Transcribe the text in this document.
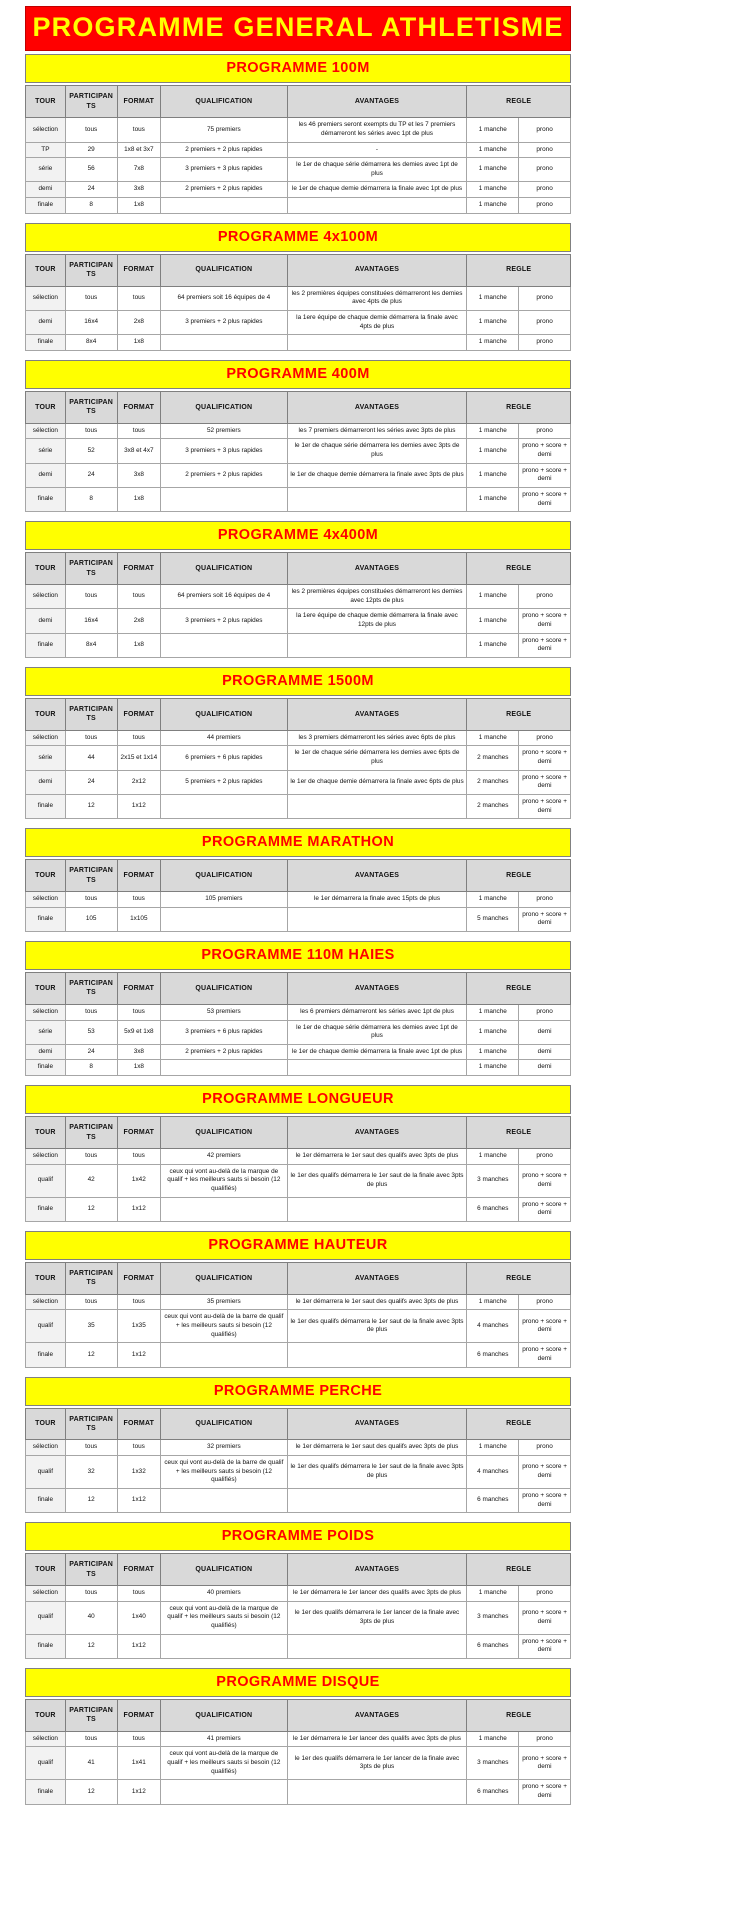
PROGRAMME GENERAL ATHLETISME
PROGRAMME 100M
TOUR	PARTICIPANTS	FORMAT	QUALIFICATION	AVANTAGES	REGLE	
sélection	tous	tous	75 premiers	les 46 premiers seront exempts du TP et les 7 premiers démarreront les séries avec 1pt de plus	1 manche	prono
TP	29	1x8 et 3x7	2 premiers + 2 plus rapides	-	1 manche	prono
série	56	7x8	3 premiers + 3 plus rapides	le 1er de chaque série démarrera les demies avec 1pt de plus	1 manche	prono
demi	24	3x8	2 premiers + 2 plus rapides	le 1er de chaque demie démarrera la finale avec 1pt de plus	1 manche	prono
finale	8	1x8			1 manche	prono
PROGRAMME 4x100M
TOUR	PARTICIPANTS	FORMAT	QUALIFICATION	AVANTAGES	REGLE	
sélection	tous	tous	64 premiers soit 16 équipes de 4	les 2 premières équipes constituées démarreront les demies avec 4pts de plus	1 manche	prono
demi	16x4	2x8	3 premiers + 2 plus rapides	la 1ere équipe de chaque demie démarrera la finale avec 4pts de plus	1 manche	prono
finale	8x4	1x8			1 manche	prono
PROGRAMME 400M
TOUR	PARTICIPANTS	FORMAT	QUALIFICATION	AVANTAGES	REGLE	
sélection	tous	tous	52 premiers	les 7 premiers démarreront les séries avec 3pts de plus	1 manche	prono
série	52	3x8 et 4x7	3 premiers + 3 plus rapides	le 1er de chaque série démarrera les demies avec 3pts de plus	1 manche	prono + score + demi
demi	24	3x8	2 premiers + 2 plus rapides	le 1er de chaque demie démarrera la finale avec 3pts de plus	1 manche	prono + score + demi
finale	8	1x8			1 manche	prono + score + demi
PROGRAMME 4x400M
TOUR	PARTICIPANTS	FORMAT	QUALIFICATION	AVANTAGES	REGLE	
sélection	tous	tous	64 premiers soit 16 équipes de 4	les 2 premières équipes constituées démarreront les demies avec 12pts de plus	1 manche	prono
demi	16x4	2x8	3 premiers + 2 plus rapides	la 1ere équipe de chaque demie démarrera la finale avec 12pts de plus	1 manche	prono + score + demi
finale	8x4	1x8			1 manche	prono + score + demi
PROGRAMME 1500M
TOUR	PARTICIPANTS	FORMAT	QUALIFICATION	AVANTAGES	REGLE	
sélection	tous	tous	44 premiers	les 3 premiers démarreront les séries avec 6pts de plus	1 manche	prono
série	44	2x15 et 1x14	6 premiers + 6 plus rapides	le 1er de chaque série démarrera les demies avec 6pts de plus	2 manches	prono + score + demi
demi	24	2x12	5 premiers + 2 plus rapides	le 1er de chaque demie démarrera la finale avec 6pts de plus	2 manches	prono + score + demi
finale	12	1x12			2 manches	prono + score + demi
PROGRAMME MARATHON
TOUR	PARTICIPANTS	FORMAT	QUALIFICATION	AVANTAGES	REGLE	
sélection	tous	tous	105 premiers	le 1er démarrera la finale avec 15pts de plus	1 manche	prono
finale	105	1x105			5 manches	prono + score + demi
PROGRAMME 110M HAIES
TOUR	PARTICIPANTS	FORMAT	QUALIFICATION	AVANTAGES	REGLE	
sélection	tous	tous	53 premiers	les 6 premiers démarreront les séries avec 1pt de plus	1 manche	prono
série	53	5x9 et 1x8	3 premiers + 6 plus rapides	le 1er de chaque série démarrera les demies avec 1pt de plus	1 manche	demi
demi	24	3x8	2 premiers + 2 plus rapides	le 1er de chaque demie démarrera la finale avec 1pt de plus	1 manche	demi
finale	8	1x8			1 manche	demi
PROGRAMME LONGUEUR
TOUR	PARTICIPANTS	FORMAT	QUALIFICATION	AVANTAGES	REGLE	
sélection	tous	tous	42 premiers	le 1er démarrera le 1er saut des qualifs avec 3pts de plus	1 manche	prono
qualif	42	1x42	ceux qui vont au-delà de la marque de qualif + les meilleurs sauts si besoin (12 qualifiés)	le 1er des qualifs démarrera le 1er saut de la finale avec 3pts de plus	3 manches	prono + score + demi
finale	12	1x12			6 manches	prono + score + demi
PROGRAMME HAUTEUR
TOUR	PARTICIPANTS	FORMAT	QUALIFICATION	AVANTAGES	REGLE	
sélection	tous	tous	35 premiers	le 1er démarrera le 1er saut des qualifs avec 3pts de plus	1 manche	prono
qualif	35	1x35	ceux qui vont au-delà de la barre de qualif + les meilleurs sauts si besoin (12 qualifiés)	le 1er des qualifs démarrera le 1er saut de la finale avec 3pts de plus	4 manches	prono + score + demi
finale	12	1x12			6 manches	prono + score + demi
PROGRAMME PERCHE
TOUR	PARTICIPANTS	FORMAT	QUALIFICATION	AVANTAGES	REGLE	
sélection	tous	tous	32 premiers	le 1er démarrera le 1er saut des qualifs avec 3pts de plus	1 manche	prono
qualif	32	1x32	ceux qui vont au-delà de la barre de qualif + les meilleurs sauts si besoin (12 qualifiés)	le 1er des qualifs démarrera le 1er saut de la finale avec 3pts de plus	4 manches	prono + score + demi
finale	12	1x12			6 manches	prono + score + demi
PROGRAMME POIDS
TOUR	PARTICIPANTS	FORMAT	QUALIFICATION	AVANTAGES	REGLE	
sélection	tous	tous	40 premiers	le 1er démarrera le 1er lancer des qualifs avec 3pts de plus	1 manche	prono
qualif	40	1x40	ceux qui vont au-delà de la marque de qualif + les meilleurs sauts si besoin (12 qualifiés)	le 1er des qualifs démarrera le 1er lancer de la finale avec 3pts de plus	3 manches	prono + score + demi
finale	12	1x12			6 manches	prono + score + demi
PROGRAMME DISQUE
TOUR	PARTICIPANTS	FORMAT	QUALIFICATION	AVANTAGES	REGLE	
sélection	tous	tous	41 premiers	le 1er démarrera le 1er lancer des qualifs avec 3pts de plus	1 manche	prono
qualif	41	1x41	ceux qui vont au-delà de la marque de qualif + les meilleurs sauts si besoin (12 qualifiés)	le 1er des qualifs démarrera le 1er lancer de la finale avec 3pts de plus	3 manches	prono + score + demi
finale	12	1x12			6 manches	prono + score + demi
